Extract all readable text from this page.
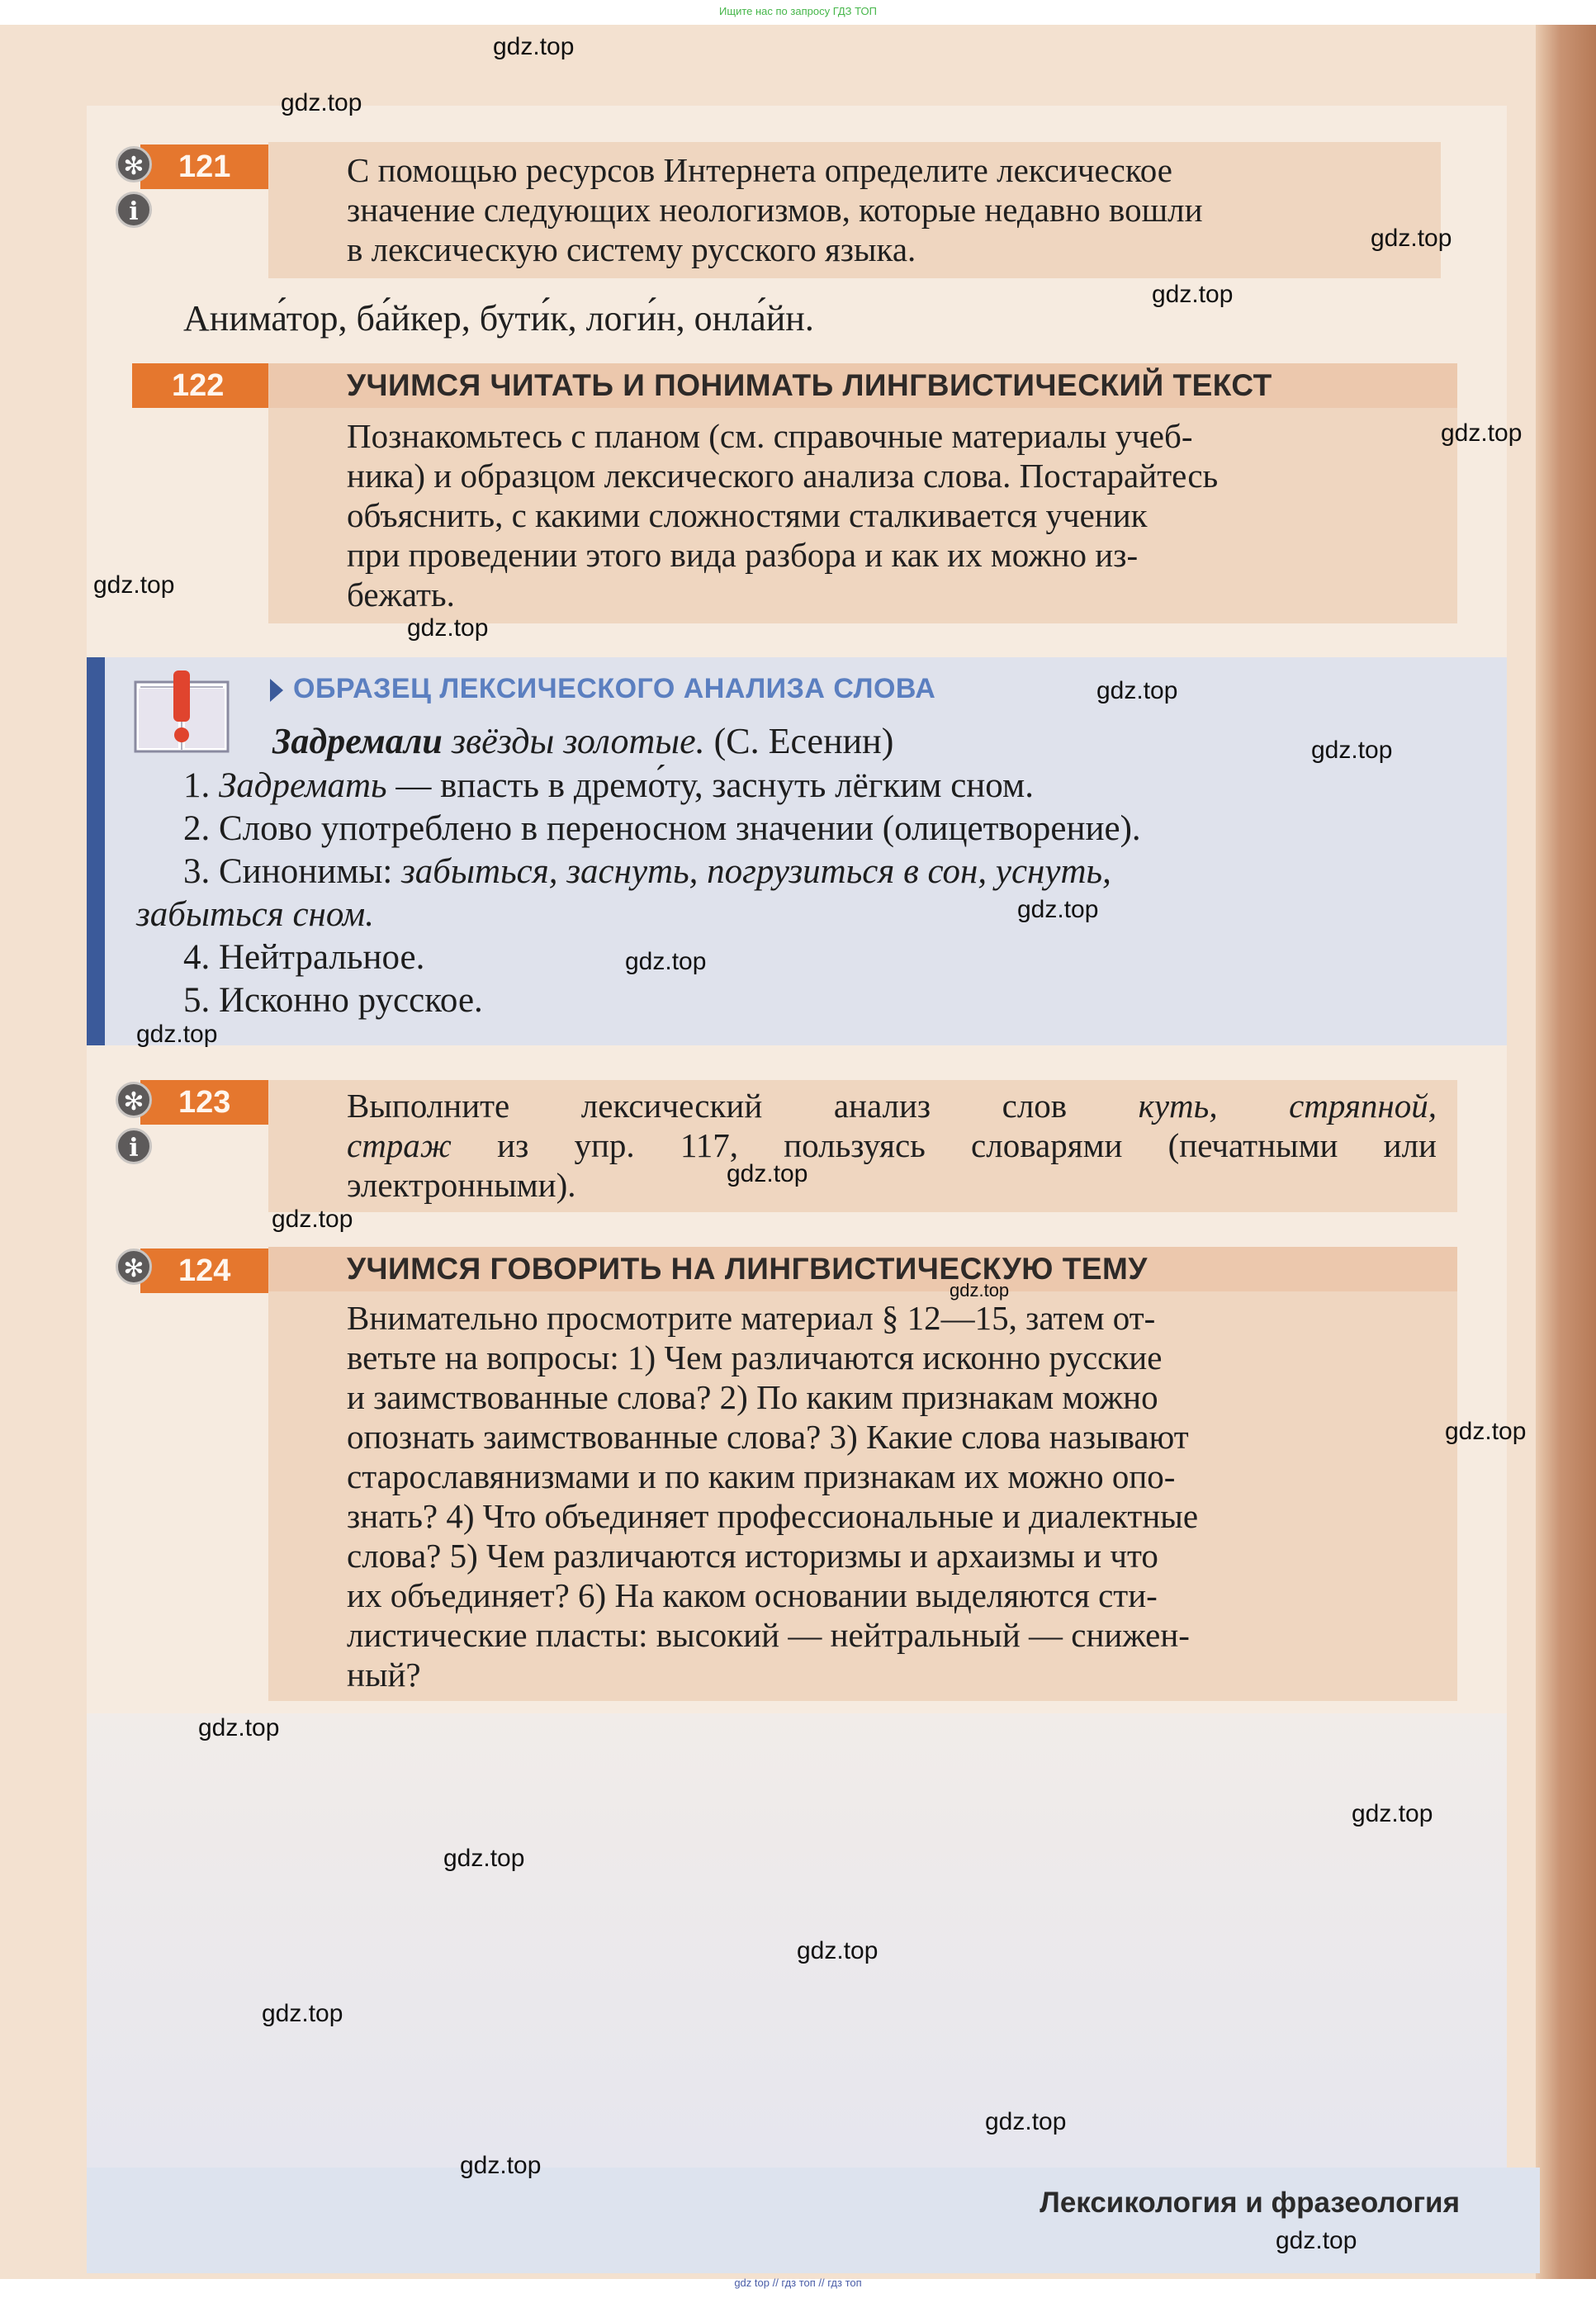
Ищите нас по запросу ГДЗ ТОП
121
✻
i
С помощью ресурсов Интернета определите лексическое
значение следующих неологизмов, которые недавно вошли
в лексическую систему русского языка.
Анима́тор, ба́йкер, бути́к, логи́н, онла́йн.
122	УЧИМСЯ ЧИТАТЬ И ПОНИМАТЬ ЛИНГВИСТИЧЕСКИЙ ТЕКСТ
Познакомьтесь с планом (см. справочные материалы учеб-
ника) и образцом лексического анализа слова. Постарайтесь
объяснить, с какими сложностями сталкивается ученик
при проведении этого вида разбора и как их можно из-
бежать.
ОБРАЗЕЦ ЛЕКСИЧЕСКОГО АНАЛИЗА СЛОВА
Задремали звёзды золотые. (С. Есенин)
1. Задремать — впасть в дремо́ту, заснуть лёгким сном.
2. Слово употреблено в переносном значении (олицетворение).
3. Синонимы: забыться, заснуть, погрузиться в сон, уснуть,
забыться сном.
4. Нейтральное.
5. Исконно русское.
123
✻
i
Выполните лексический анализ слов куть, стряпной,
страж из упр. 117, пользуясь словарями (печатными или
электронными).
124
✻	УЧИМСЯ ГОВОРИТЬ НА ЛИНГВИСТИЧЕСКУЮ ТЕМУ
Внимательно просмотрите материал § 12—15, затем от-
ветьте на вопросы: 1) Чем различаются исконно русские
и заимствованные слова? 2) По каким признакам можно
опознать заимствованные слова? 3) Какие слова называют
старославянизмами и по каким признакам их можно опо-
знать? 4) Что объединяет профессиональные и диалектные
слова? 5) Чем различаются историзмы и архаизмы и что
их объединяет? 6) На каком основании выделяются сти-
листические пласты: высокий — нейтральный — снижен-
ный?
Лексикология и фразеология
gdz top // гдз топ // гдз топ
gdz.top
gdz.top
gdz.top
gdz.top
gdz.top
gdz.top
gdz.top
gdz.top
gdz.top
gdz.top
gdz.top
gdz.top
gdz.top
gdz.top
gdz.top
gdz.top
gdz.top
gdz.top
gdz.top
gdz.top
gdz.top
gdz.top
gdz.top
gdz.top
